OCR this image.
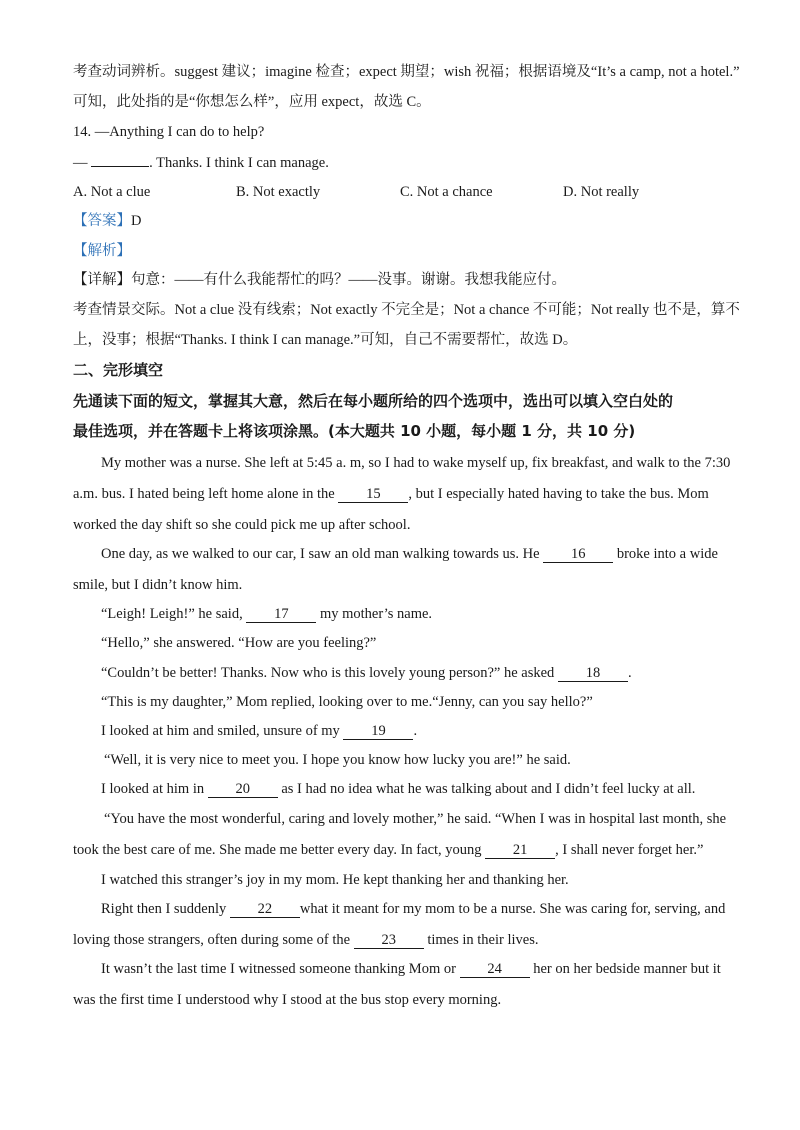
考查动词辨析。suggest 建议；imagine 检查；expect 期望；wish 祝福；根据语境及“It’s a camp, not a hotel.”
可知，此处指的是“你想怎么样”，应用 expect，故选 C。
14. —Anything I can do to help?
—	. Thanks. I think I can manage.
A. Not a clue	B. Not exactly	C. Not a chance	D. Not really
【答案】D
【解析】
【详解】句意：——有什么我能帮忙的吗？——没事。谢谢。我想我能应付。
考查情景交际。Not a clue 没有线索；Not exactly 不完全是；Not a chance 不可能；Not really 也不是，算不
上，没事；根据“Thanks. I think I can manage.”可知，自己不需要帮忙，故选 D。
二、完形填空
先通读下面的短文，掌握其大意，然后在每小题所给的四个选项中，选出可以填入空白处的
最佳选项，并在答题卡上将该项涂黑。(本大题共 10 小题，每小题 1 分，共 10 分)
My mother was a nurse. She left at 5:45 a. m, so I had to wake myself up, fix breakfast, and walk to the 7:30
a.m. bus. I hated being left home alone in the 15 , but I especially hated having to take the bus. Mom
worked the day shift so she could pick me up after school.
One day, as we walked to our car, I saw an old man walking towards us. He 16 broke into a wide
smile, but I didn’t know him.
“Leigh! Leigh!” he said, 17 my mother’s name.
“Hello,” she answered. “How are you feeling?”
“Couldn’t be better! Thanks. Now who is this lovely young person?” he asked 18 .
“This is my daughter,” Mom replied, looking over to me.“Jenny, can you say hello?”
I looked at him and smiled, unsure of my 19 .
“Well, it is very nice to meet you. I hope you know how lucky you are!” he said.
I looked at him in 20 as I had no idea what he was talking about and I didn’t feel lucky at all.
“You have the most wonderful, caring and lovely mother,” he said. “When I was in hospital last month, she
took the best care of me. She made me better every day. In fact, young 21 , I shall never forget her.”
I watched this stranger’s joy in my mom. He kept thanking her and thanking her.
Right then I suddenly 22 what it meant for my mom to be a nurse. She was caring for, serving, and
loving those strangers, often during some of the 23 times in their lives.
It wasn’t the last time I witnessed someone thanking Mom or 24 her on her bedside manner but it
was the first time I understood why I stood at the bus stop every morning.
